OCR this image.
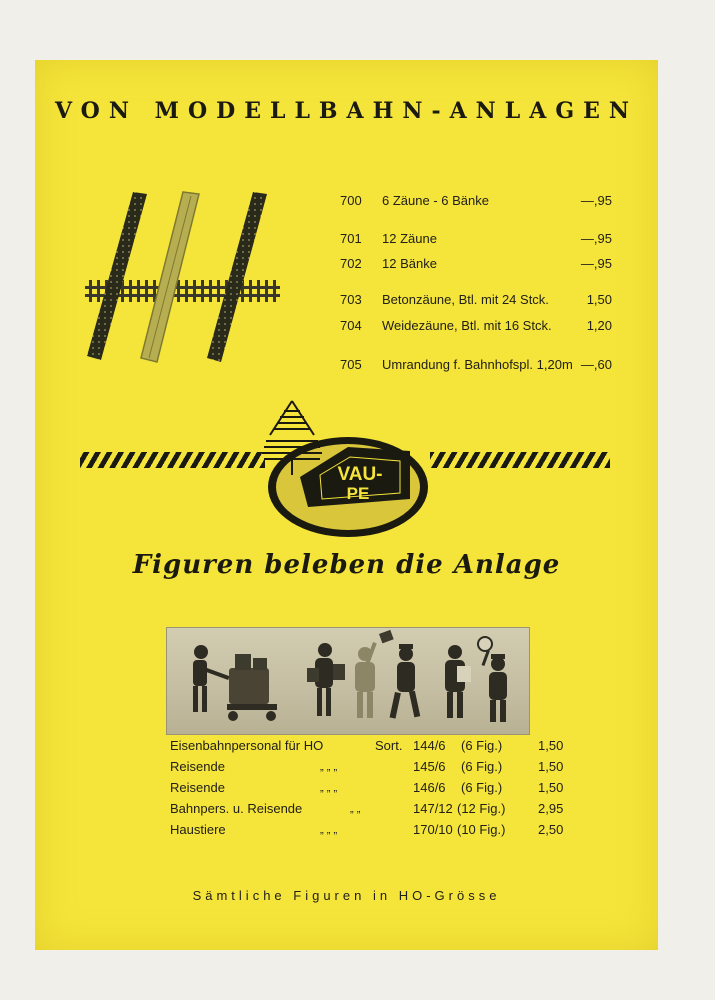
VON MODELLBAHN-ANLAGEN
700 6 Zäune - 6 Bänke	—,95
701 12 Zäune	—,95
702 12 Bänke	—,95
703 Betonzäune, Btl. mit 24 Stck.	1,50
704 Weidezäune, Btl. mit 16 Stck.	1,20
705 Umrandung f. Bahnhofspl. 1,20m —,60
VAU-
PE
Figuren beleben die Anlage
Eisenbahnpersonal für HO	Sort. 144/6 (6 Fig.)	1,50
Reisende	„ „ „	145/6 (6 Fig.)	1,50
Reisende	„ „ „	146/6 (6 Fig.)	1,50
Bahnpers. u. Reisende	„ „	147/12 (12 Fig.)	2,95
Haustiere	„ „ „	170/10 (10 Fig.)	2,50
Sämtliche Figuren in HO-Grösse
